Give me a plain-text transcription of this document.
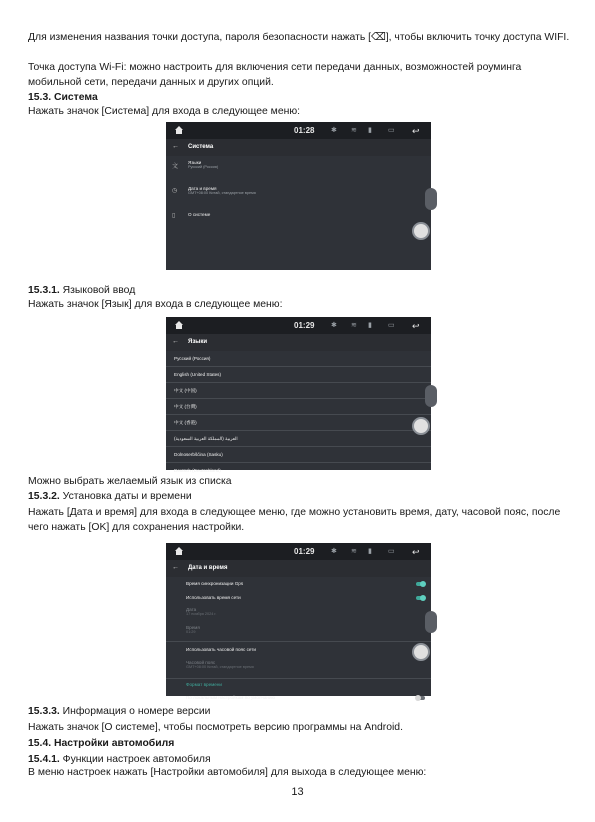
Для изменения названия точки доступа, пароля безопасности нажать [⌫], чтобы включить точку доступа WIFI.

Точка доступа Wi-Fi: можно настроить для включения сети передачи данных, возможностей роуминга мобильной сети, передачи данных и других опций.

15.3. Система

Нажать значок [Система] для входа в следующее меню:

01:28 ✱ ≋ ▮ ▭ ↩
← Система
文
Языки
Русский (Россия)
◷ Дата и время
GMT+08:00 Китай, стандартное время
▯	О системе

15.3.1. Языковой ввод

Нажать значок [Язык] для входа в следующее меню:

01:29 ✱ ≋ ▮ ▭ ↩
← Языки
Русский (Россия)
English (United States)
中文 (中国)
中文 (台灣)
中文 (香港)
العربية (المملكة العربية السعودية)
Dolnoserbšćina (Sasku)
Deutsch (Deutschland)

Можно выбрать желаемый язык из списка

15.3.2. Установка даты и времени

Нажать [Дата и время] для входа в следующее меню, где можно установить время, дату, часовой пояс, после чего нажать [OK] для сохранения настройки.

01:29 ✱ ≋ ▮ ▭ ↩
← Дата и время
Время синхронизации Gps
Использовать время сети
Дата
17 ноября 2024 г.
Время
01:29
Использовать часовой пояс сети
Часовой пояс
GMT+08:00 Китай, стандартное время
Формат времени
По локальным настройкам по умолчанию

15.3.3. Информация о номере версии

Нажать значок [О системе], чтобы посмотреть версию программы на Android.

15.4. Настройки автомобиля

15.4.1. Функции настроек автомобиля

В меню настроек нажать [Настройки автомобиля] для выхода в следующее меню:

13
